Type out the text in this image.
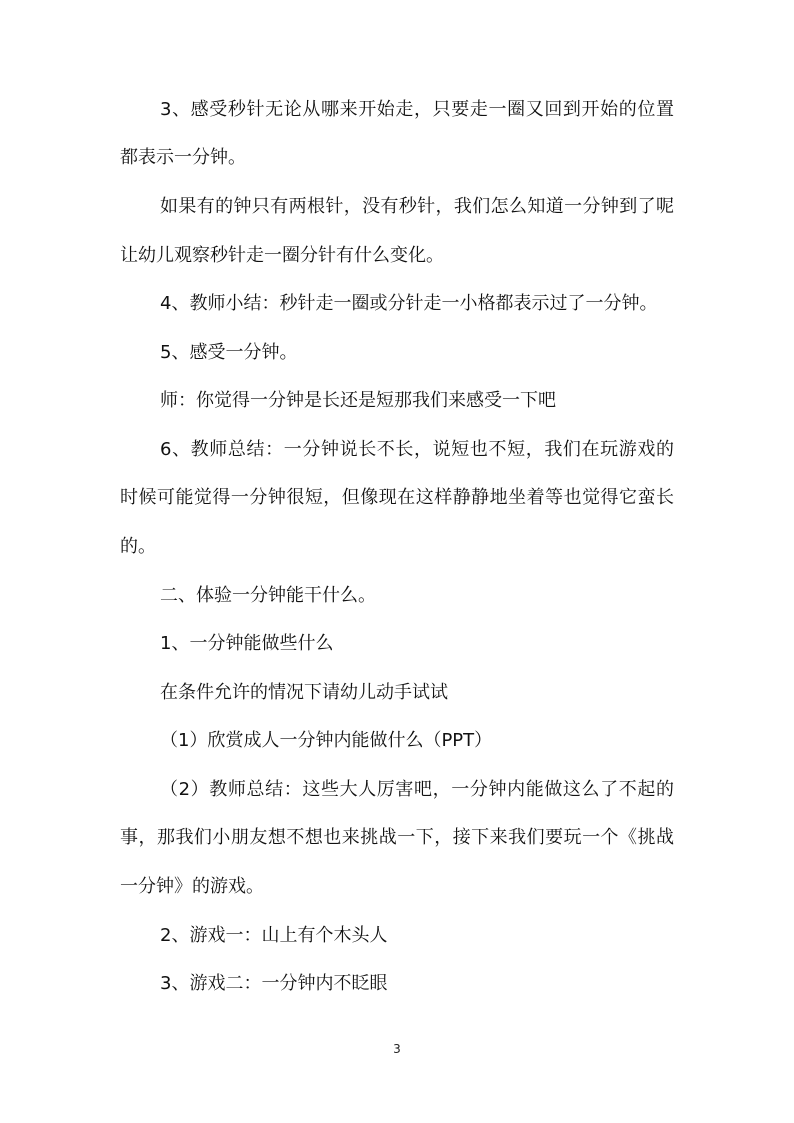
3、感受秒针无论从哪来开始走，只要走一圈又回到开始的位置
都表示一分钟。
如果有的钟只有两根针，没有秒针，我们怎么知道一分钟到了呢
让幼儿观察秒针走一圈分针有什么变化。
4、教师小结：秒针走一圈或分针走一小格都表示过了一分钟。
5、感受一分钟。
师：你觉得一分钟是长还是短那我们来感受一下吧
6、教师总结：一分钟说长不长，说短也不短，我们在玩游戏的
时候可能觉得一分钟很短，但像现在这样静静地坐着等也觉得它蛮长
的。
二、体验一分钟能干什么。
1、一分钟能做些什么
在条件允许的情况下请幼儿动手试试
（1）欣赏成人一分钟内能做什么（PPT）
（2）教师总结：这些大人厉害吧，一分钟内能做这么了不起的
事，那我们小朋友想不想也来挑战一下，接下来我们要玩一个《挑战
一分钟》的游戏。
2、游戏一：山上有个木头人
3、游戏二：一分钟内不眨眼
3
